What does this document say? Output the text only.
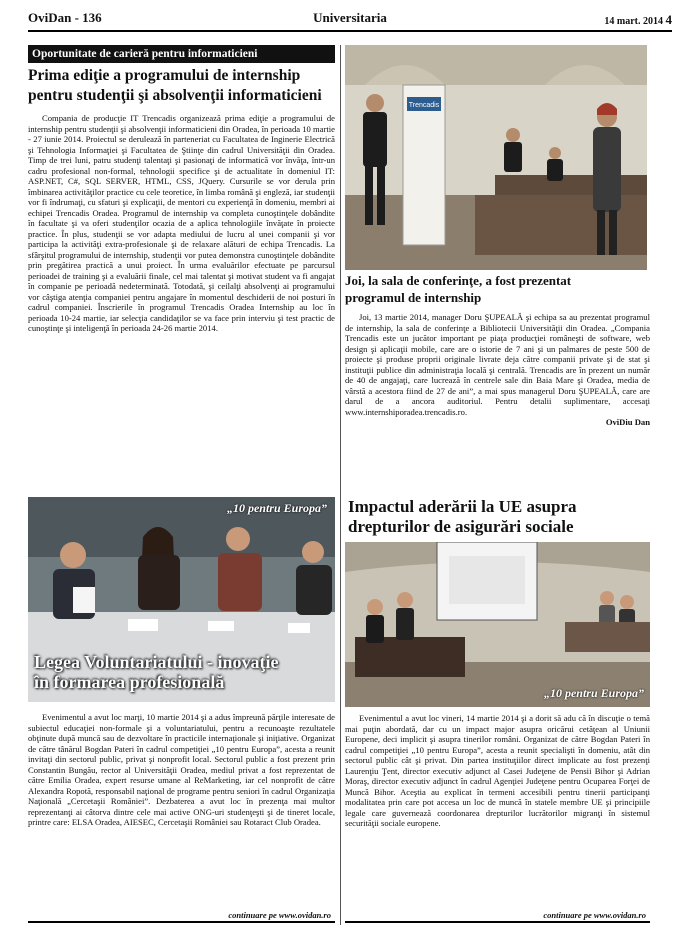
OviDan - 136	Universitaria	14 mart. 2014 4
Oportunitate de carieră pentru informaticieni
Prima ediţie a programului de internship
pentru studenţii şi absolvenţii informaticieni

Compania de producţie IT Trencadis organizează prima ediţie a programului de internship pentru studenţii şi absolvenţii informaticieni din Oradea, în perioada 10 martie - 27 iunie 2014. Proiectul se derulează în parteneriat cu Facultatea de Inginerie Electrică şi Tehnologia Informaţiei şi Facultatea de Ştiinţe din cadrul Universităţii din Oradea. Timp de trei luni, patru studenţi talentaţi şi pasionaţi de informatică vor învăţa, într-un cadru profesional non-formal, tehnologii specifice şi de actualitate în domeniul IT: ASP.NET, C#, SQL SERVER, HTML, CSS, JQuery. Cursurile se vor derula prin îmbinarea activităţilor practice cu cele teoretice, în limba română şi engleză, iar studenţii vor fi îndrumaţi, cu sfaturi şi explicaţii, de mentori cu experienţă în domeniu, membri ai echipei Trencadis Oradea. Programul de internship va completa cunoştinţele dobândite în facultate şi va oferi studenţilor ocazia de a aplica tehnologiile învăţate în proiecte practice. În plus, studenţii se vor adapta mediului de lucru al unei companii şi vor participa la activităţi extra-profesionale şi de relaxare alături de echipa Trencadis. La sfârşitul programului de internship, studenţii vor putea demonstra cunoştinţele dobândite prin pregătirea practică a unui proiect. În urma evaluărilor efectuate pe parcursul perioadei de training şi a evaluării finale, cel mai talentat şi motivat student va fi angajat în companie pe perioadă nedeterminată. Totodată, şi ceilalţi absolvenţi ai programului vor câştiga atenţia companiei pentru angajare în momentul deschiderii de noi posturi în cadrul companiei. Înscrierile în programul Trencadis Oradea Internship au loc în perioada 10-24 martie, iar selecţia candidaţilor se va face prin interviu şi test practic de cunoştinţe şi inteligenţă în perioada 24-26 martie 2014.

Trencadis
Joi, la sala de conferinţe, a fost prezentat
programul de internship

Joi, 13 martie 2014, manager Doru ŞUPEALĂ şi echipa sa au prezentat programul de internship, la sala de conferinţe a Bibliotecii Universităţii din Oradea. „Compania Trencadis este un jucător important pe piaţa producţiei româneşti de software, web design şi aplicaţii mobile, care are o istorie de 7 ani şi un palmares de peste 500 de proiecte şi produse proprii originale livrate deja către companii private şi de stat şi instituţii publice din administraţia locală şi centrală. Trencadis are în prezent un număr de 40 de angajaţi, care lucrează în centrele sale din Baia Mare şi Oradea, media de vârstă a acestora fiind de 27 de ani”, a mai spus managerul Doru ŞUPEALĂ, care are darul de a ancora auditoriul. Pentru detalii suplimentare, accesaţi www.internshiporadea.trencadis.ro.

OviDiu Dan
„10 pentru Europa”
Legea Voluntariatului - inovaţie
în formarea profesională

Evenimentul a avut loc marţi, 10 martie 2014 şi a adus împreună părţile interesate de subiectul educaţiei non-formale şi a voluntariatului, pentru a recunoaşte rezultatele obţinute după muncă sau de dezvoltare în practicile internaţionale şi iniţiative. Organizat de către tânărul Bogdan Pateri în cadrul competiţiei „10 pentru Europa”, acesta a reunit invitaţi din sectorul public, privat şi nonprofit local. Sectorul public a fost prezent prin Constantin Bungău, rector al Universităţii Oradea, mediul privat a fost reprezentat de către Emilia Oradea, expert resurse umane al ReMarketing, iar cel nonprofit de către Alexandra Ropotă, responsabil naţional de programe pentru seniori în cadrul Organizaţia Naţională „Cercetaşii României”. Dezbaterea a avut loc în prezenţa mai multor reprezentanţi ai câtorva dintre cele mai active ONG-uri studenţeşti şi de tineret locale, printre care: ELSA Oradea, AIESEC, Cercetaşii României sau Rotaract Club Oradea.

continuare pe www.ovidan.ro
Impactul aderării la UE asupra
drepturilor de asigurări sociale
„10 pentru Europa”

Evenimentul a avut loc vineri, 14 martie 2014 şi a dorit să adu că în discuţie o temă mai puţin abordată, dar cu un impact major asupra oricărui cetăţean al Uniunii Europene, deci implicit şi asupra tinerilor români. Organizat de către Bogdan Pateri în cadrul competiţiei „10 pentru Europa”, acesta a reunit specialişti în domeniu, atât din sectorul public cât şi privat. Din partea instituţiilor direct implicate au fost prezenţi Laurenţiu Ţent, director executiv adjunct al Casei Judeţene de Pensii Bihor şi Adrian Moraş, director executiv adjunct în cadrul Agenţiei Judeţene pentru Ocuparea Forţei de Muncă Bihor. Aceştia au explicat în termeni accesibili pentru tinerii participanţi modalitatea prin care pot accesa un loc de muncă în statele membre UE şi principiile legale care guvernează coordonarea drepturilor lucrătorilor migranţi în sistemul securităţii sociale europene.

continuare pe www.ovidan.ro
